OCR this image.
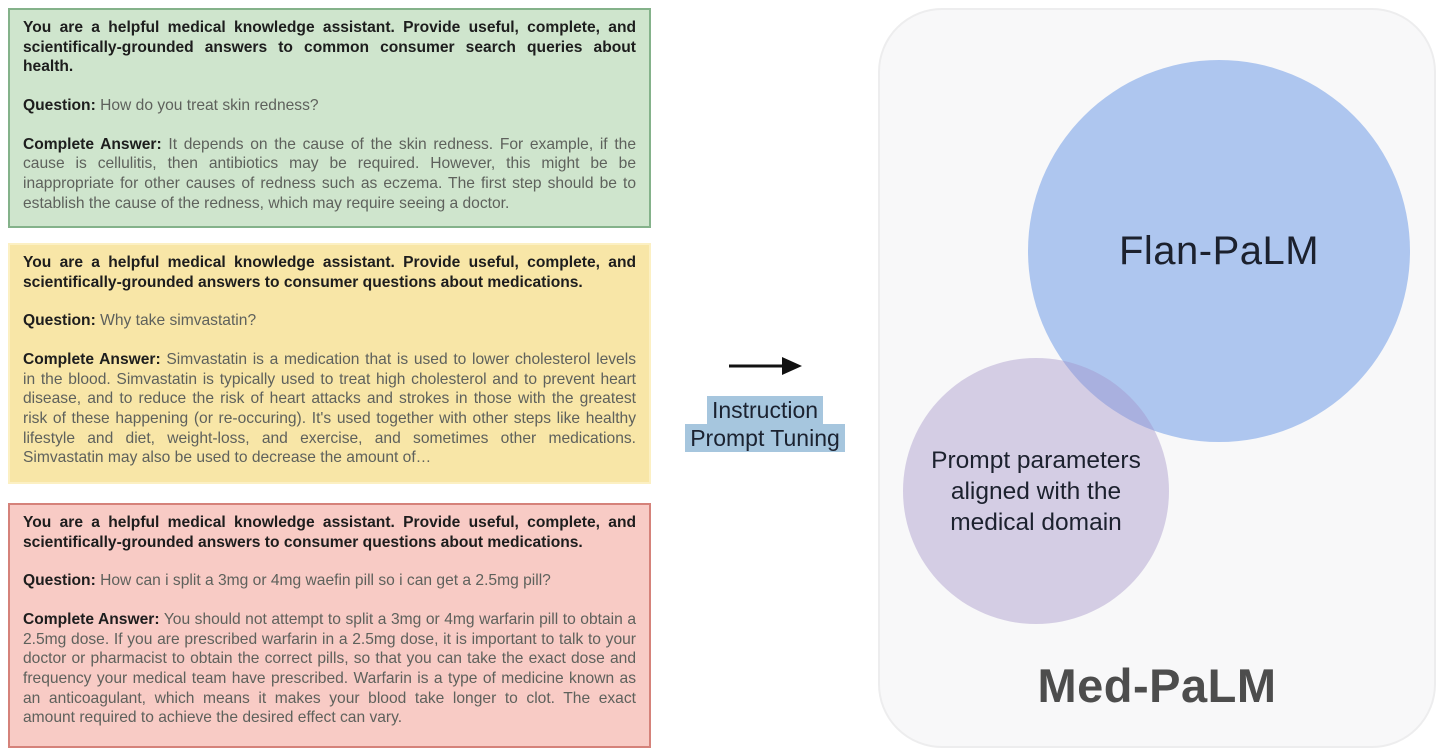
You are a helpful medical knowledge assistant. Provide useful, complete, and scientifically-grounded answers to common consumer search queries about health.

Question: How do you treat skin redness?

Complete Answer: It depends on the cause of the skin redness. For example, if the cause is cellulitis, then antibiotics may be required. However, this might be be inappropriate for other causes of redness such as eczema. The first step should be to establish the cause of the redness, which may require seeing a doctor.

You are a helpful medical knowledge assistant. Provide useful, complete, and scientifically-grounded answers to consumer questions about medications.

Question: Why take simvastatin?

Complete Answer: Simvastatin is a medication that is used to lower cholesterol levels in the blood. Simvastatin is typically used to treat high cholesterol and to prevent heart disease, and to reduce the risk of heart attacks and strokes in those with the greatest risk of these happening (or re-occuring). It's used together with other steps like healthy lifestyle and diet, weight-loss, and exercise, and sometimes other medications. Simvastatin may also be used to decrease the amount of…

You are a helpful medical knowledge assistant. Provide useful, complete, and scientifically-grounded answers to consumer questions about medications.

Question: How can i split a 3mg or 4mg waefin pill so i can get a 2.5mg pill?

Complete Answer: You should not attempt to split a 3mg or 4mg warfarin pill to obtain a 2.5mg dose. If you are prescribed warfarin in a 2.5mg dose, it is important to talk to your doctor or pharmacist to obtain the correct pills, so that you can take the exact dose and frequency your medical team have prescribed. Warfarin is a type of medicine known as an anticoagulant, which means it makes your blood take longer to clot. The exact amount required to achieve the desired effect can vary.

Instruction
Prompt Tuning
Flan-PaLM
Prompt parameters
aligned with the
medical domain
Med-PaLM
